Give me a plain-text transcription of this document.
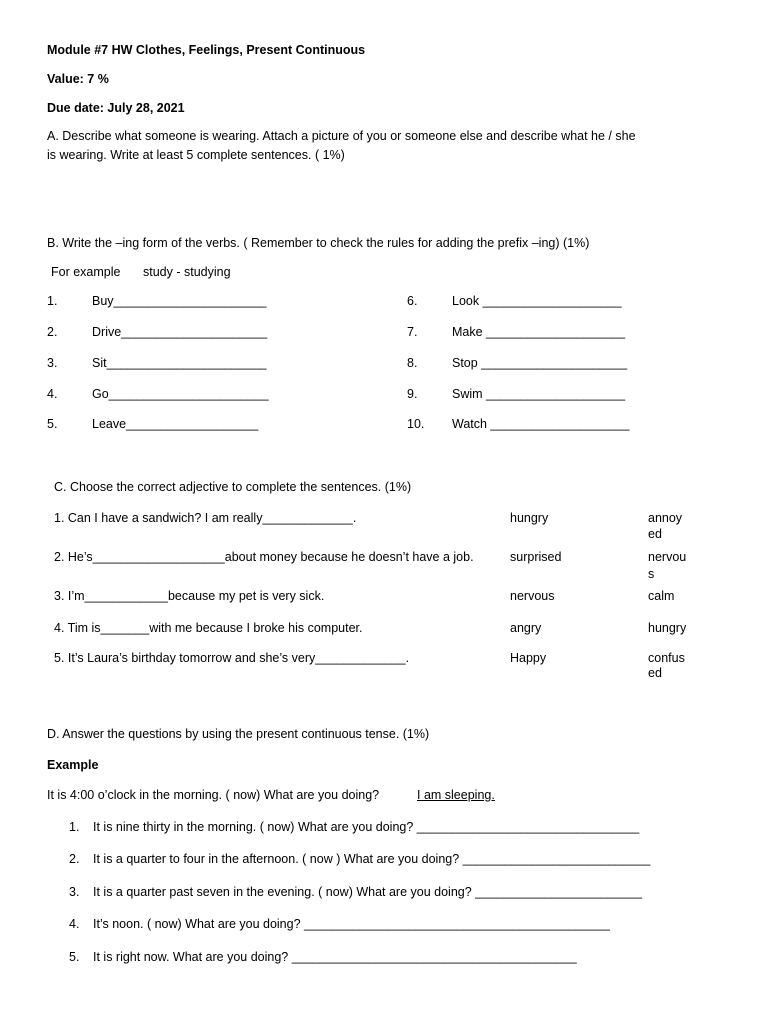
Module #7 HW Clothes, Feelings, Present Continuous
Value: 7 %
Due date: July 28, 2021
A. Describe what someone is wearing. Attach a picture of you or someone else and describe what he / she
is wearing. Write at least 5 complete sentences. ( 1%)
B. Write the –ing form of the verbs. ( Remember to check the rules for adding the prefix –ing) (1%)
For example study - studying
1.	Buy______________________
2.	Drive_____________________
3.	Sit_______________________
4.	Go_______________________
5.	Leave___________________
6.	Look ____________________
7.	Make ____________________
8.	Stop _____________________
9.	Swim ____________________
10. Watch ____________________
C. Choose the correct adjective to complete the sentences. (1%)
1. Can I have a sandwich? I am really_____________.	hungry	annoy
ed
2. He’s___________________about money because he doesn’t have a job.	surprised	nervou
s
3. I’m____________because my pet is very sick.	nervous	calm
4. Tim is_______with me because I broke his computer.	angry	hungry
5. It’s Laura’s birthday tomorrow and she’s very_____________.	Happy	confus
ed
D. Answer the questions by using the present continuous tense. (1%)
Example
It is 4:00 o’clock in the morning. ( now) What are you doing?	I am sleeping.
1. It is nine thirty in the morning. ( now) What are you doing? ________________________________
2. It is a quarter to four in the afternoon. ( now ) What are you doing? ___________________________
3. It is a quarter past seven in the evening. ( now) What are you doing? ________________________
4. It’s noon. ( now) What are you doing? ____________________________________________
5. It is right now. What are you doing? _________________________________________
